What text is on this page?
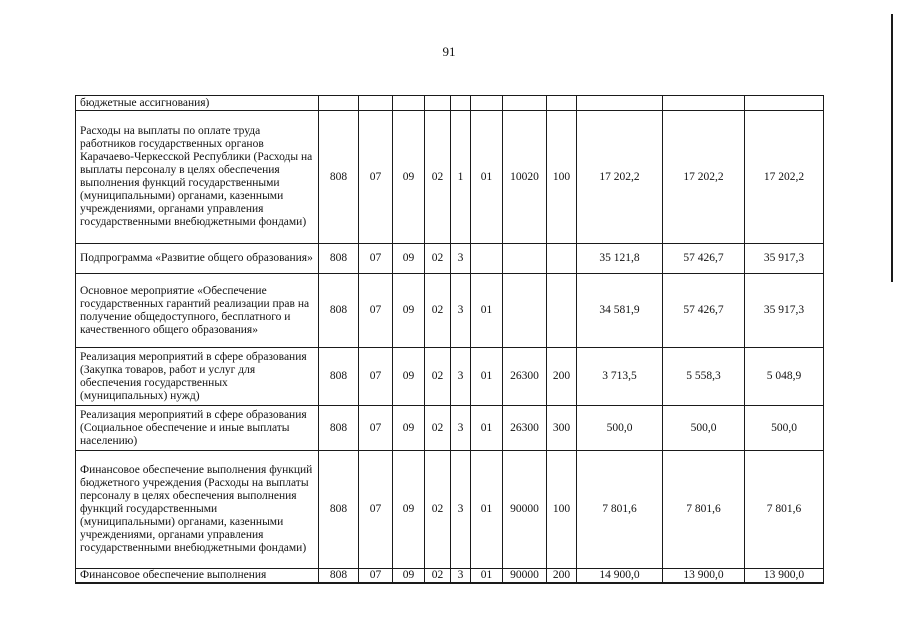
91
бюджетные ассигнования)											
Расходы на выплаты по оплате труда работников государственных органов Карачаево-Черкесской Республики (Расходы на выплаты персоналу в целях обеспечения выполнения функций государственными (муниципальными) органами, казенными учреждениями, органами управления государственными внебюджетными фондами)	808	07	09	02	1	01	10020	100	17 202,2	17 202,2	17 202,2
Подпрограмма «Развитие общего образования»	808	07	09	02	3				35 121,8	57 426,7	35 917,3
Основное мероприятие «Обеспечение государственных гарантий реализации прав на получение общедоступного, бесплатного и качественного общего образования»	808	07	09	02	3	01			34 581,9	57 426,7	35 917,3
Реализация мероприятий в сфере образования (Закупка товаров, работ и услуг для обеспечения государственных (муниципальных) нужд)	808	07	09	02	3	01	26300	200	3 713,5	5 558,3	5 048,9
Реализация мероприятий в сфере образования (Социальное обеспечение и иные выплаты населению)	808	07	09	02	3	01	26300	300	500,0	500,0	500,0
Финансовое обеспечение выполнения функций бюджетного учреждения (Расходы на выплаты персоналу в целях обеспечения выполнения функций государственными (муниципальными) органами, казенными учреждениями, органами управления государственными внебюджетными фондами)	808	07	09	02	3	01	90000	100	7 801,6	7 801,6	7 801,6
Финансовое обеспечение выполнения	808	07	09	02	3	01	90000	200	14 900,0	13 900,0	13 900,0
